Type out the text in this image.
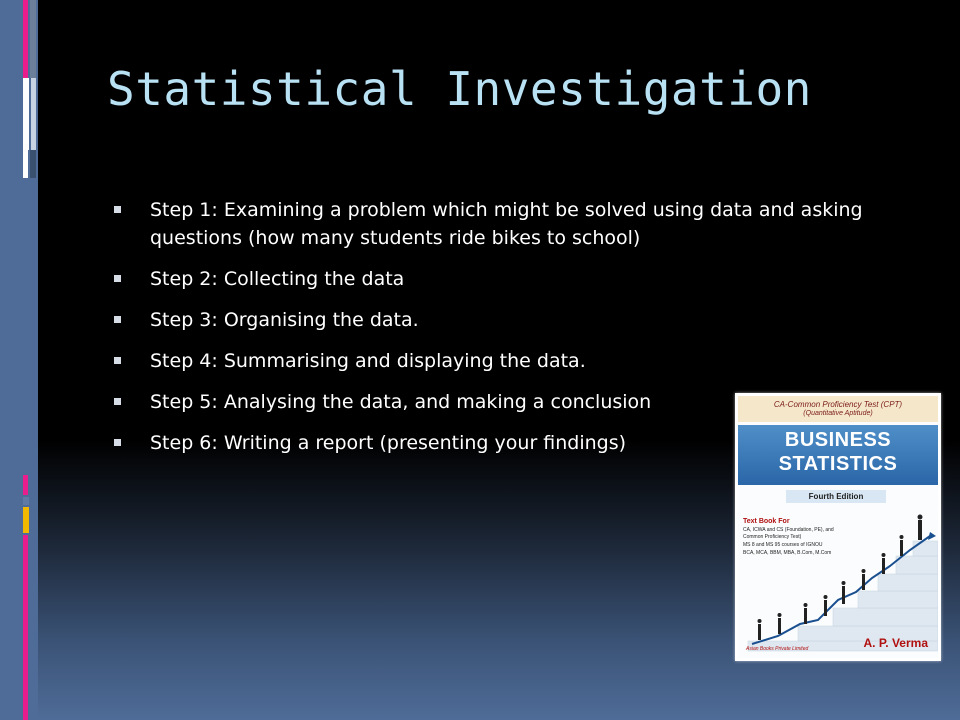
Statistical Investigation
Step 1: Examining a problem which might be solved using data and asking questions (how many students ride bikes to school)
Step 2: Collecting the data
Step 3: Organising the data.
Step 4: Summarising and displaying the data.
Step 5: Analysing the data, and making a conclusion
Step 6: Writing a report (presenting your findings)
CA-Common Proficiency Test (CPT)
(Quantitative Aptitude)
BUSINESS
STATISTICS
Fourth Edition
Text Book For
CA, ICWA and CS (Foundation, PE), and Common Proficiency Test)
MS 8 and MS 95 courses of IGNOU
BCA, MCA, BBM, MBA, B.Com, M.Com
Asian Books Private Limited	A. P. Verma
